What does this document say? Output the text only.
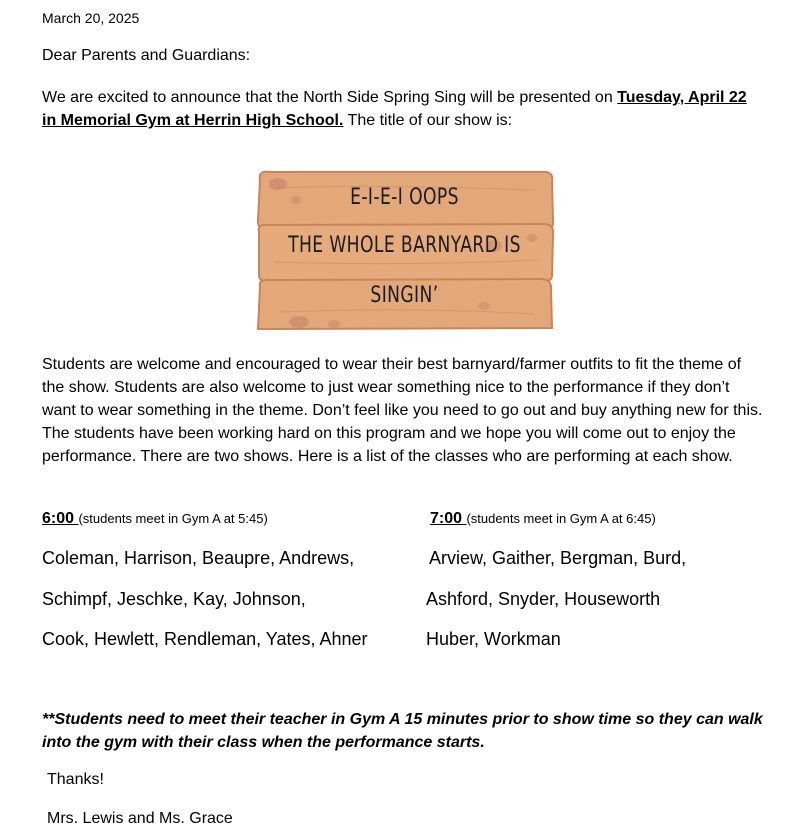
March 20, 2025
Dear Parents and Guardians:
We are excited to announce that the North Side Spring Sing will be presented on Tuesday, April 22 in Memorial Gym at Herrin High School. The title of our show is:
E-I-E-I OOPS
THE WHOLE BARNYARD IS
SINGIN’
Students are welcome and encouraged to wear their best barnyard/farmer outfits to fit the theme of the show. Students are also welcome to just wear something nice to the performance if they don’t want to wear something in the theme. Don’t feel like you need to go out and buy anything new for this. The students have been working hard on this program and we hope you will come out to enjoy the performance. There are two shows. Here is a list of the classes who are performing at each show.
6:00 (students meet in Gym A at 5:45)	7:00 (students meet in Gym A at 6:45)
Coleman, Harrison, Beaupre, Andrews,
Schimpf, Jeschke, Kay, Johnson,
Cook, Hewlett, Rendleman, Yates, Ahner
Arview, Gaither, Bergman, Burd,
Ashford, Snyder, Houseworth
Huber, Workman
**Students need to meet their teacher in Gym A 15 minutes prior to show time so they can walk into the gym with their class when the performance starts.
Thanks!
Mrs. Lewis and Ms. Grace
